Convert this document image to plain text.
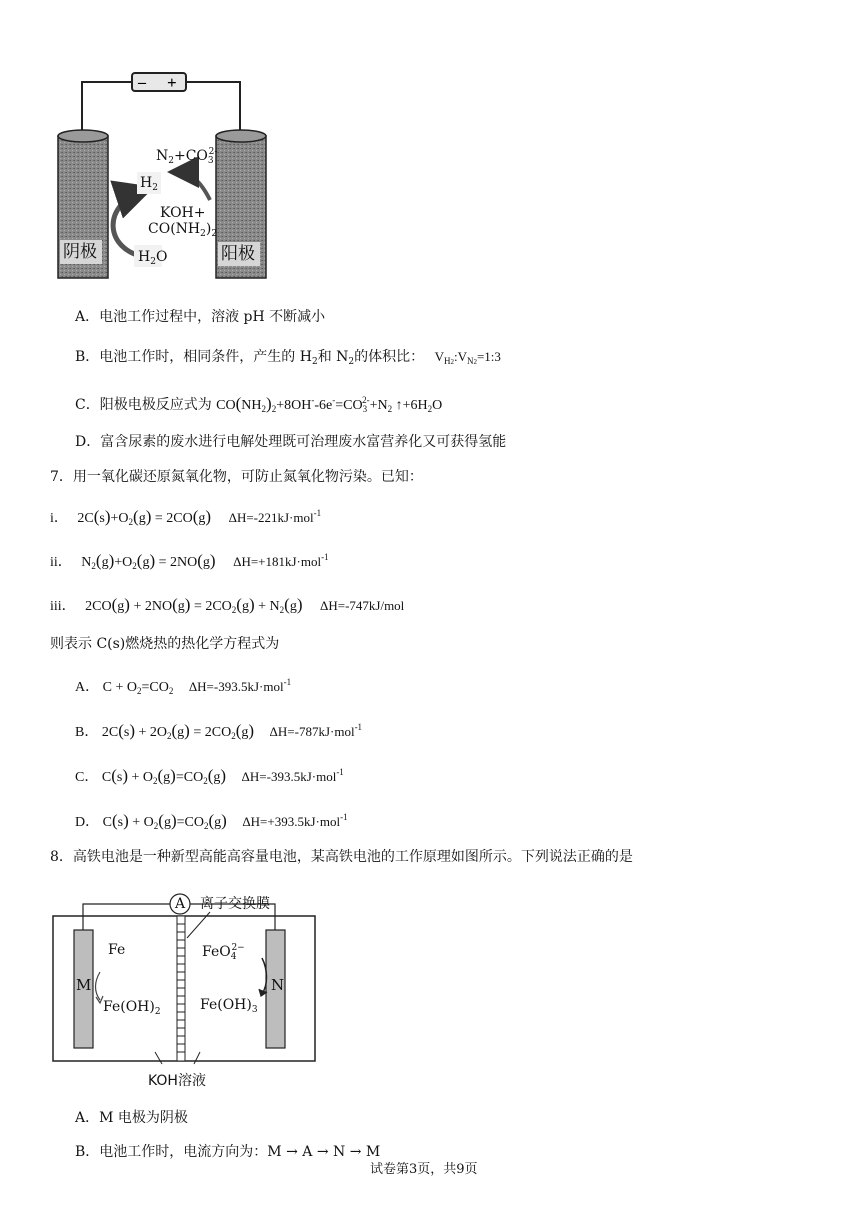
– +
阴极	阳极
$N_2+CO_3^{2-}$
$H_2$
KOH+
$CO(NH_2)_2$
$H_2O$
A．电池工作过程中，溶液 pH 不断减小
B．电池工作时，相同条件，产生的 $H_2$和 $N_2$的体积比： $V_{H2}:V_{N2}=1:3$
C．阳极电极反应式为 $CO(NH_2)_2+8OH^--6e^-=CO_3^{2-}+N_2$ $↑+6H_2O$
D．富含尿素的废水进行电解处理既可治理废水富营养化又可获得氢能
7．用一氧化碳还原氮氧化物，可防止氮氧化物污染。已知：
i． $2C(s)+O_2(g) = 2CO(g)$ ΔH=-221kJ·mol$^{-1}$
ii． $N_2(g)+O_2(g) = 2NO(g)$ ΔH=+181kJ·mol$^{-1}$
iii． $2CO(g) + 2NO(g) = 2CO_2(g) + N_2(g)$ ΔH=-747kJ/mol
则表示 C(s)燃烧热的热化学方程式为
A． $C + O_2=CO_2$ ΔH=-393.5kJ·mol$^{-1}$
B． $2C(s) + 2O_2(g) = 2CO_2(g)$ ΔH=-787kJ·mol$^{-1}$
C． $C(s) + O_2(g)=CO_2(g)$ ΔH=-393.5kJ·mol$^{-1}$
D． $C(s) + O_2(g)=CO_2(g)$ ΔH=+393.5kJ·mol$^{-1}$
8．高铁电池是一种新型高能高容量电池，某高铁电池的工作原理如图所示。下列说法正确的是
A 离子交换膜
M	N
Fe
$Fe(OH)_2$
FeO$_4^{2-}$
$Fe(OH)_3$
KOH溶液
A．M 电极为阴极
B．电池工作时，电流方向为：M → A → N → M
试卷第3页，共9页
